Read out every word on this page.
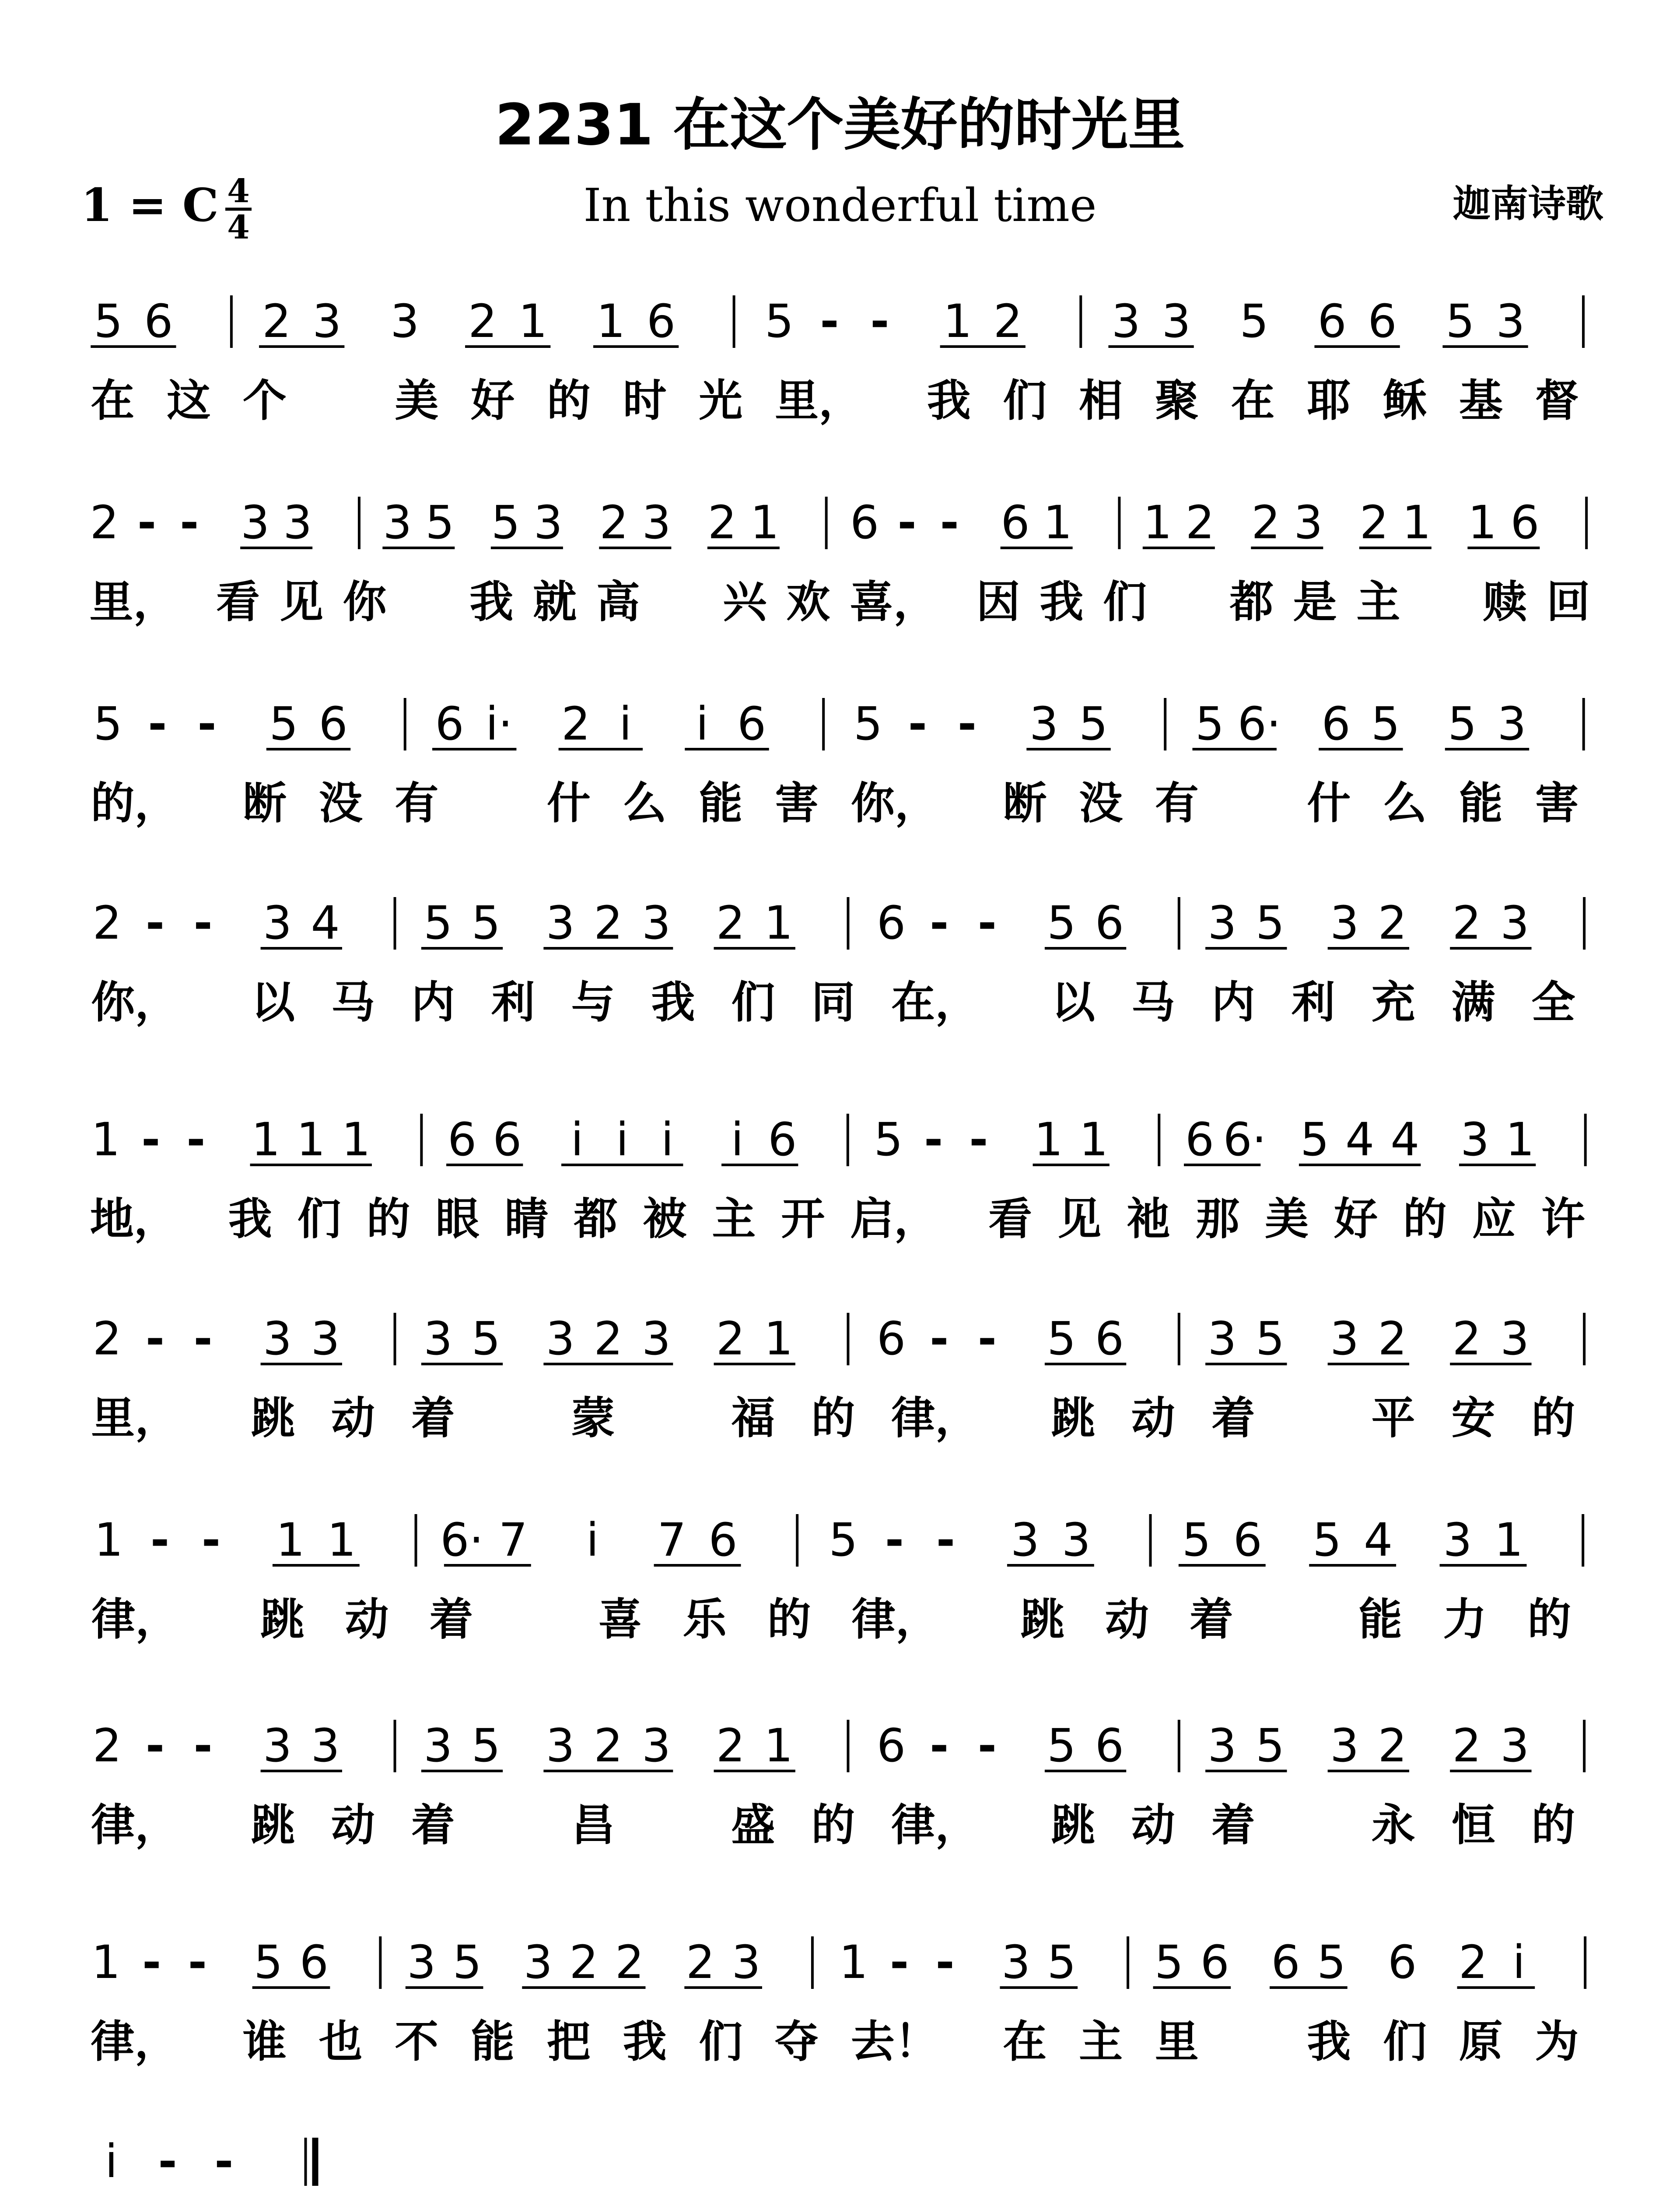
2231 在这个美好的时光里
1 = C 4
4	In this wonderful time	迦南诗歌
5 6 2 3 3 2 1 1 6 5 - - 1 2 3 3 5 6 6 5 3
在 这 个 美 好 的 时 光 里， 我 们 相 聚 在 耶 稣 基 督
2 - - 3 3 3 5 5 3 2 3 2 1 6 - - 6 1 1 2 2 3 2 1 1 6
里， 看 见 你 我 就 高 兴 欢 喜， 因 我 们 都 是 主 赎 回
5 - - 5 6 6 i· 2 i i 6 5 - - 3 5 5 6· 6 5 5 3
的， 断 没 有 什 么 能 害 你， 断 没 有 什 么 能 害
2 - - 3 4 5 5 3 2 3 2 1 6 - - 5 6 3 5 3 2 2 3
你， 以 马 内 利 与 我 们 同 在， 以 马 内 利 充 满 全
1 - - 1 1 1 6 6 i i i i 6 5 - - 1 1 6 6· 5 4 4 3 1
地， 我 们 的 眼 睛 都 被 主 开 启， 看 见 祂 那 美 好 的 应 许
2 - - 3 3 3 5 3 2 3 2 1 6 - - 5 6 3 5 3 2 2 3
里， 跳 动 着	蒙	福 的 律， 跳 动 着	平 安 的
1 - - 1 1 6· 7 i 7 6 5 - - 3 3 5 6 5 4 3 1
律， 跳 动 着	喜 乐 的 律， 跳 动 着	能 力 的
2 - - 3 3 3 5 3 2 3 2 1 6 - - 5 6 3 5 3 2 2 3
律， 跳 动 着	昌	盛 的 律， 跳 动 着	永 恒 的
1 - - 5 6 3 5 3 2 2 2 3 1 - - 3 5 5 6 6 5 6 2 i
律， 谁 也 不 能 把 我 们 夺 去！ 在 主 里 我 们 原 为
i - -
